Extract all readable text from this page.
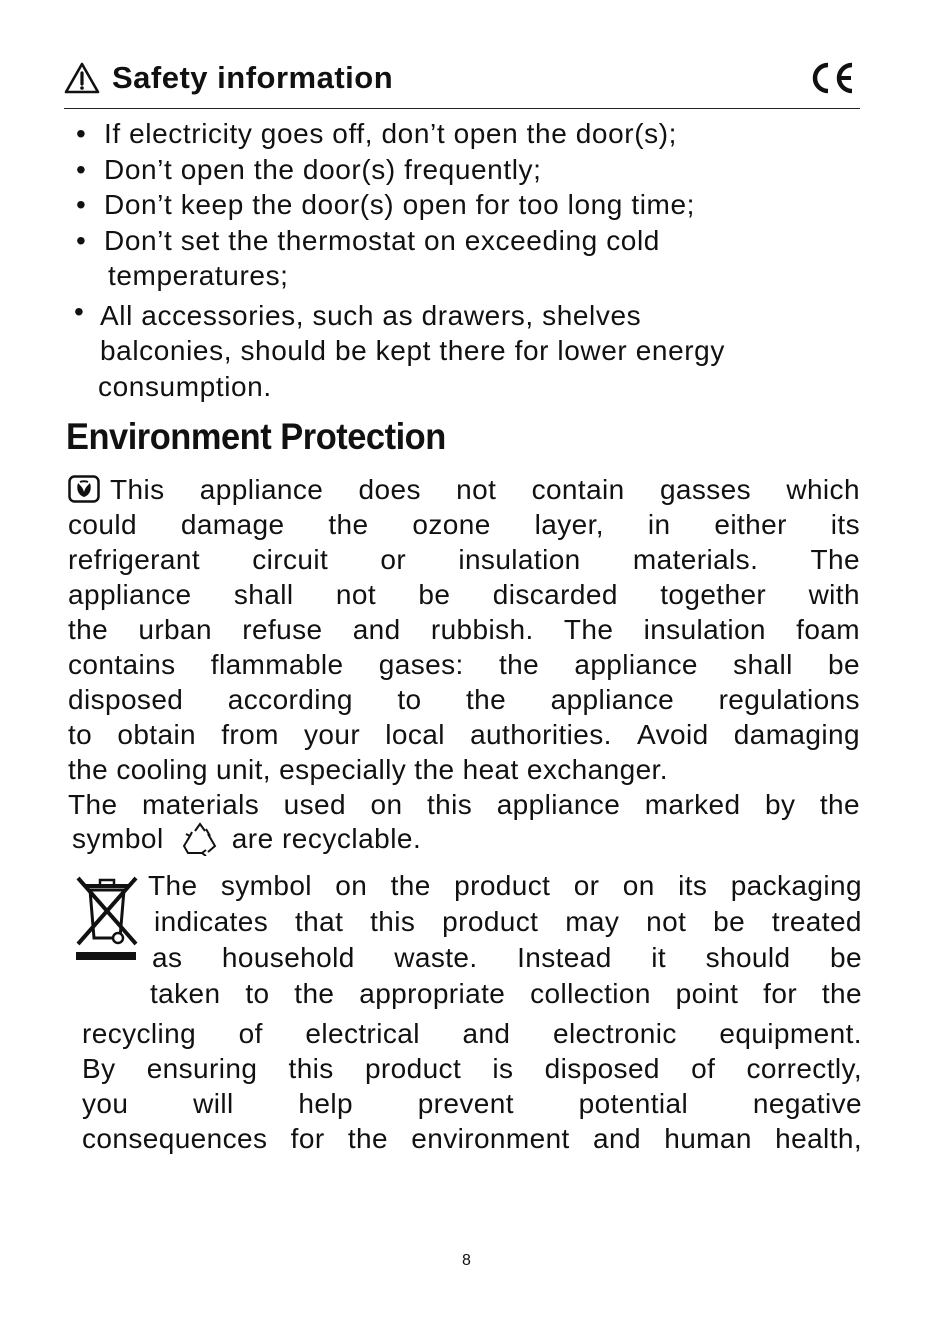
Safety information
• If electricity goes off, don’t open the door(s);
• Don’t open the door(s) frequently;
• Don’t keep the door(s) open for too long time;
• Don’t set the thermostat on exceeding cold
temperatures;
• All accessories, such as drawers, shelves
balconies, should be kept there for lower energy
consumption.
Environment Protection
This appliance does not contain gasses which
could damage the ozone layer, in either its
refrigerant circuit or insulation materials. The
appliance shall not be discarded together with
the urban refuse and rubbish. The insulation foam
contains flammable gases: the appliance shall be
disposed according to the appliance regulations
to obtain from your local authorities. Avoid damaging
the
cooling
unit,
especially
the
heat
exchanger.
The materials used on this appliance marked by the
symbol are recyclable.
The symbol on the product or on its packaging
indicates that this product may not be treated
as household waste. Instead it should be
taken to the appropriate collection point for the
recycling of electrical and electronic equipment.
By ensuring this product is disposed of correctly,
you will help prevent potential negative
consequences for the environment and human health,
8
